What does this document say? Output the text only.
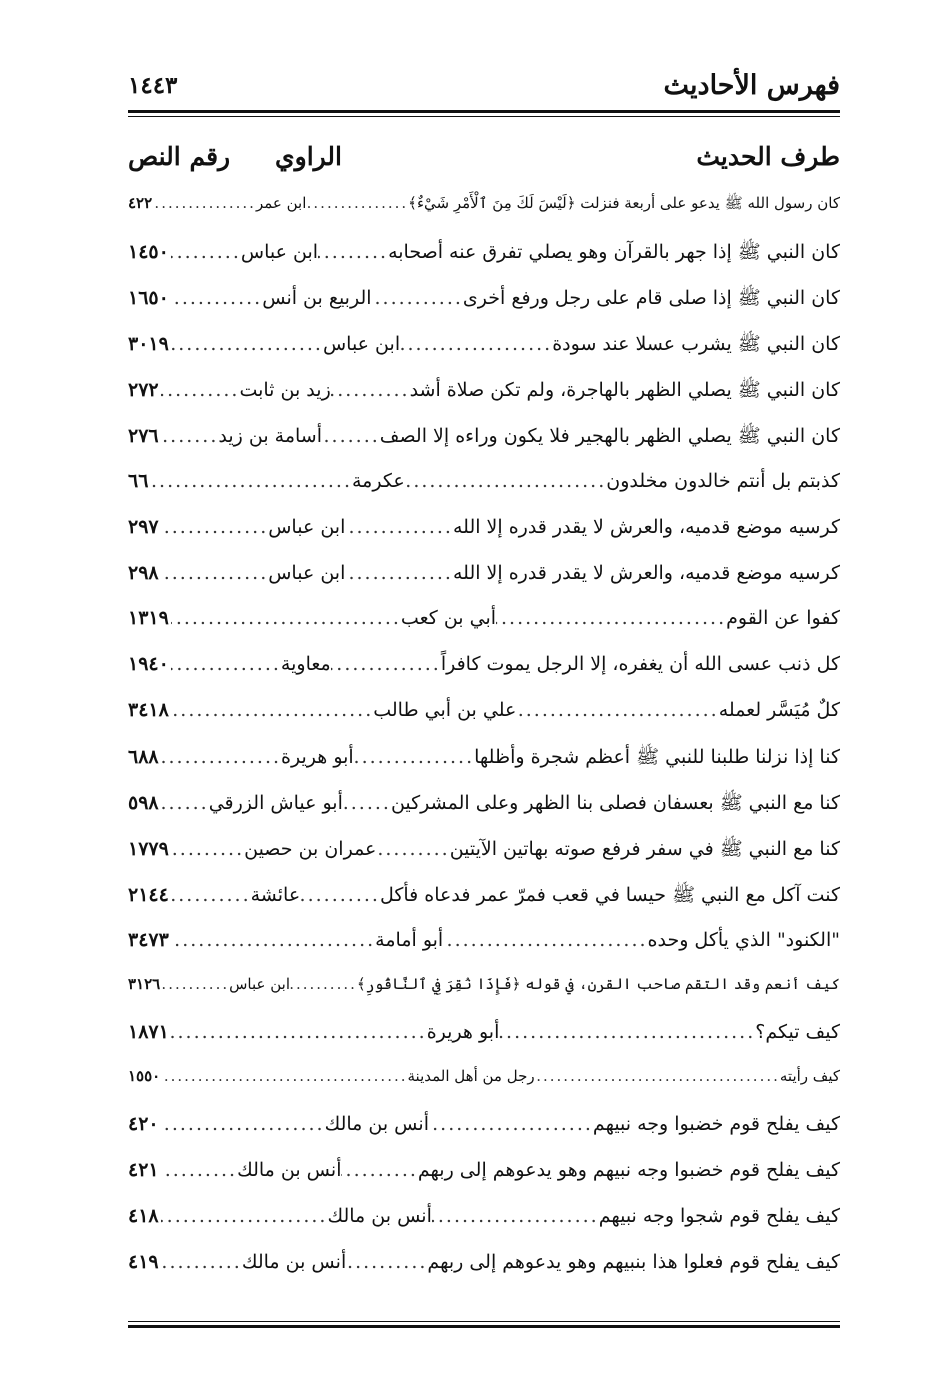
فهرس الأحاديث
١٤٤٣
طرف الحديث
الراوي
رقم النص
كان رسول الله ﷺ يدعو على أربعة فنزلت ﴿لَيْسَ لَكَ مِنَ ٱلْأَمْرِ شَيْءٌ﴾
.....
ابن عمر
.....
٤٢٢
كان النبي ﷺ إذا جهر بالقرآن وهو يصلي تفرق عنه أصحابه
.....
ابن عباس
.....
١٤٥٠
كان النبي ﷺ إذا صلى قام على رجل ورفع أخرى
.....
الربيع بن أنس
.....
١٦٥٠
كان النبي ﷺ يشرب عسلا عند سودة
.....
ابن عباس
.....
٣٠١٩
كان النبي ﷺ يصلي الظهر بالهاجرة، ولم تكن صلاة أشد
.....
زيد بن ثابت
.....
٢٧٢
كان النبي ﷺ يصلي الظهر بالهجير فلا يكون وراءه إلا الصف
.....
أسامة بن زيد
.....
٢٧٦
كذبتم بل أنتم خالدون مخلدون
.....
عكرمة
.....
٦٦
كرسيه موضع قدميه، والعرش لا يقدر قدره إلا الله
.....
ابن عباس
.....
٢٩٧
كرسيه موضع قدميه، والعرش لا يقدر قدره إلا الله
.....
ابن عباس
.....
٢٩٨
كفوا عن القوم
.....
أبي بن كعب
.....
١٣١٩
كل ذنب عسى الله أن يغفره، إلا الرجل يموت كافراً
.....
معاوية
.....
١٩٤٠
كلٌ مُيَسَّر لعمله
.....
علي بن أبي طالب
.....
٣٤١٨
كنا إذا نزلنا طلبنا للنبي ﷺ أعظم شجرة وأظلها
.....
أبو هريرة
.....
٦٨٨
كنا مع النبي ﷺ بعسفان فصلى بنا الظهر وعلى المشركين
.....
أبو عياش الزرقي
.....
٥٩٨
كنا مع النبي ﷺ في سفر فرفع صوته بهاتين الآيتين
.....
عمران بن حصين
.....
١٧٧٩
كنت آكل مع النبي ﷺ حيسا في قعب فمرّ عمر فدعاه فأكل
.....
عائشة
.....
٢١٤٤
"الكنود" الذي يأكل وحده
.....
أبو أمامة
.....
٣٤٧٣
كيف أنعم وقد التقم صاحب القرن، في قوله ﴿فَإِذَا نُقِرَ فِي ٱلنَّاقُورِ﴾
.....
ابن عباس
.....
٣١٢٦
كيف تيكم؟
.....
أبو هريرة
.....
١٨٧١
كيف رأيته
.....
رجل من أهل المدينة
.....
١٥٥٠
كيف يفلح قوم خضبوا وجه نبيهم
.....
أنس بن مالك
.....
٤٢٠
كيف يفلح قوم خضبوا وجه نبيهم وهو يدعوهم إلى ربهم
.....
أنس بن مالك
.....
٤٢١
كيف يفلح قوم شجوا وجه نبيهم
.....
أنس بن مالك
.....
٤١٨
كيف يفلح قوم فعلوا هذا بنبيهم وهو يدعوهم إلى ربهم
.....
أنس بن مالك
.....
٤١٩
